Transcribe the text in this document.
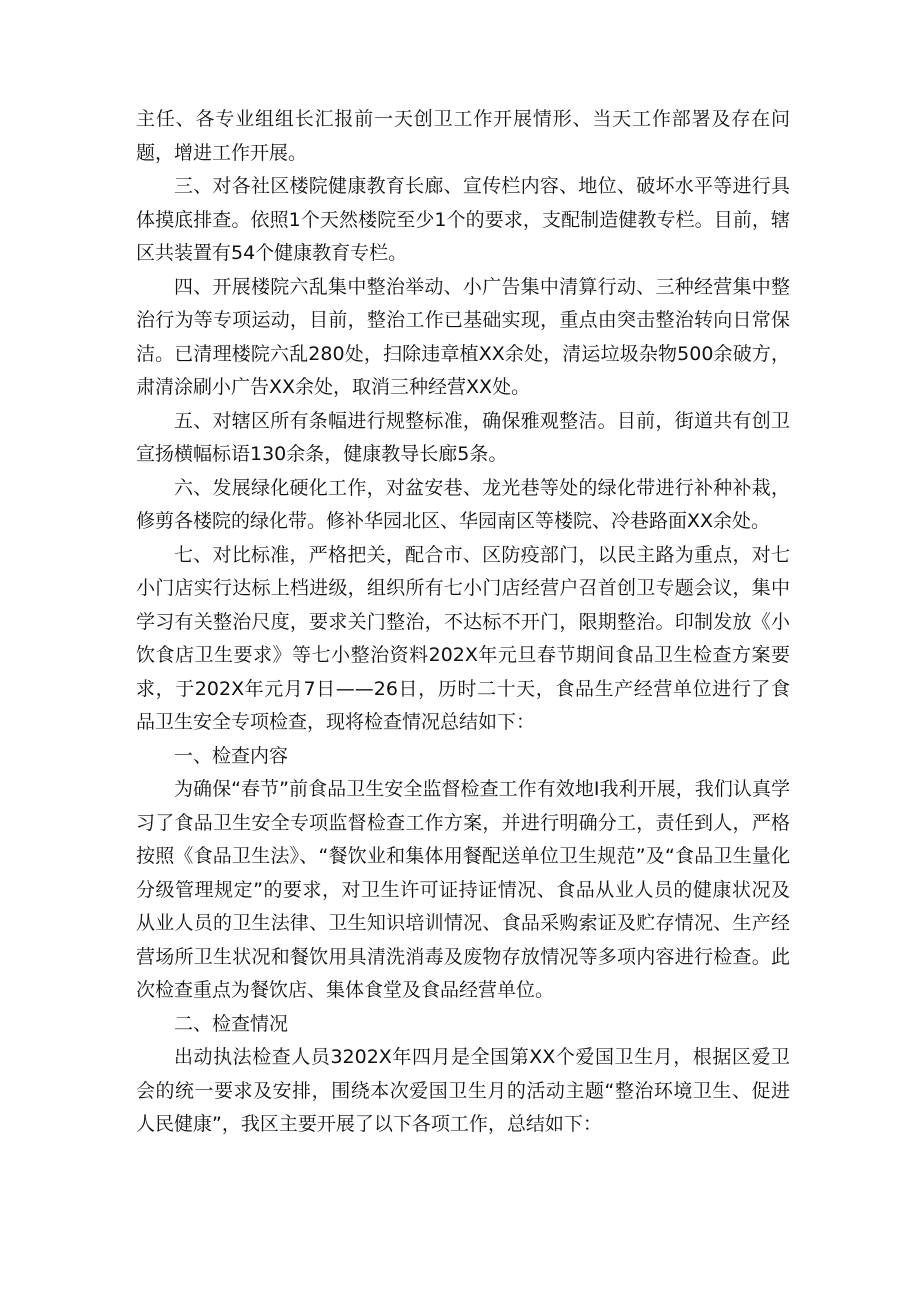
主任、各专业组组长汇报前一天创卫工作开展情形、当天工作部署及存在问题，增进工作开展。

三、对各社区楼院健康教育长廊、宣传栏内容、地位、破坏水平等进行具体摸底排查。依照1个天然楼院至少1个的要求，支配制造健教专栏。目前，辖区共装置有54个健康教育专栏。

四、开展楼院六乱集中整治举动、小广告集中清算行动、三种经营集中整治行为等专项运动，目前，整治工作已基础实现，重点由突击整治转向日常保洁。已清理楼院六乱280处，扫除违章植XX余处，清运垃圾杂物500余破方，肃清涂刷小广告XX余处，取消三种经营XX处。

五、对辖区所有条幅进行规整标准，确保雅观整洁。目前，街道共有创卫宣扬横幅标语130余条，健康教导长廊5条。

六、发展绿化硬化工作，对盆安巷、龙光巷等处的绿化带进行补种补栽，修剪各楼院的绿化带。修补华园北区、华园南区等楼院、冷巷路面XX余处。

七、对比标准，严格把关，配合市、区防疫部门，以民主路为重点，对七小门店实行达标上档进级，组织所有七小门店经营户召首创卫专题会议，集中学习有关整治尺度，要求关门整治，不达标不开门，限期整治。印制发放《小饮食店卫生要求》等七小整治资料202X年元旦春节期间食品卫生检查方案要求，于202X年元月7日——26日，历时二十天，食品生产经营单位进行了食品卫生安全专项检查，现将检查情况总结如下：

一、检查内容

为确保“春节”前食品卫生安全监督检查工作有效地I我利开展，我们认真学习了食品卫生安全专项监督检查工作方案，并进行明确分工，责任到人，严格按照《食品卫生法》、“餐饮业和集体用餐配送单位卫生规范”及“食品卫生量化分级管理规定”的要求，对卫生许可证持证情况、食品从业人员的健康状况及从业人员的卫生法律、卫生知识培训情况、食品采购索证及贮存情况、生产经营场所卫生状况和餐饮用具清洗消毒及废物存放情况等多项内容进行检查。此次检查重点为餐饮店、集体食堂及食品经营单位。

二、检查情况

出动执法检查人员3202X年四月是全国第XX个爱国卫生月，根据区爱卫会的统一要求及安排，围绕本次爱国卫生月的活动主题“整治环境卫生、促进人民健康”，我区主要开展了以下各项工作，总结如下：
